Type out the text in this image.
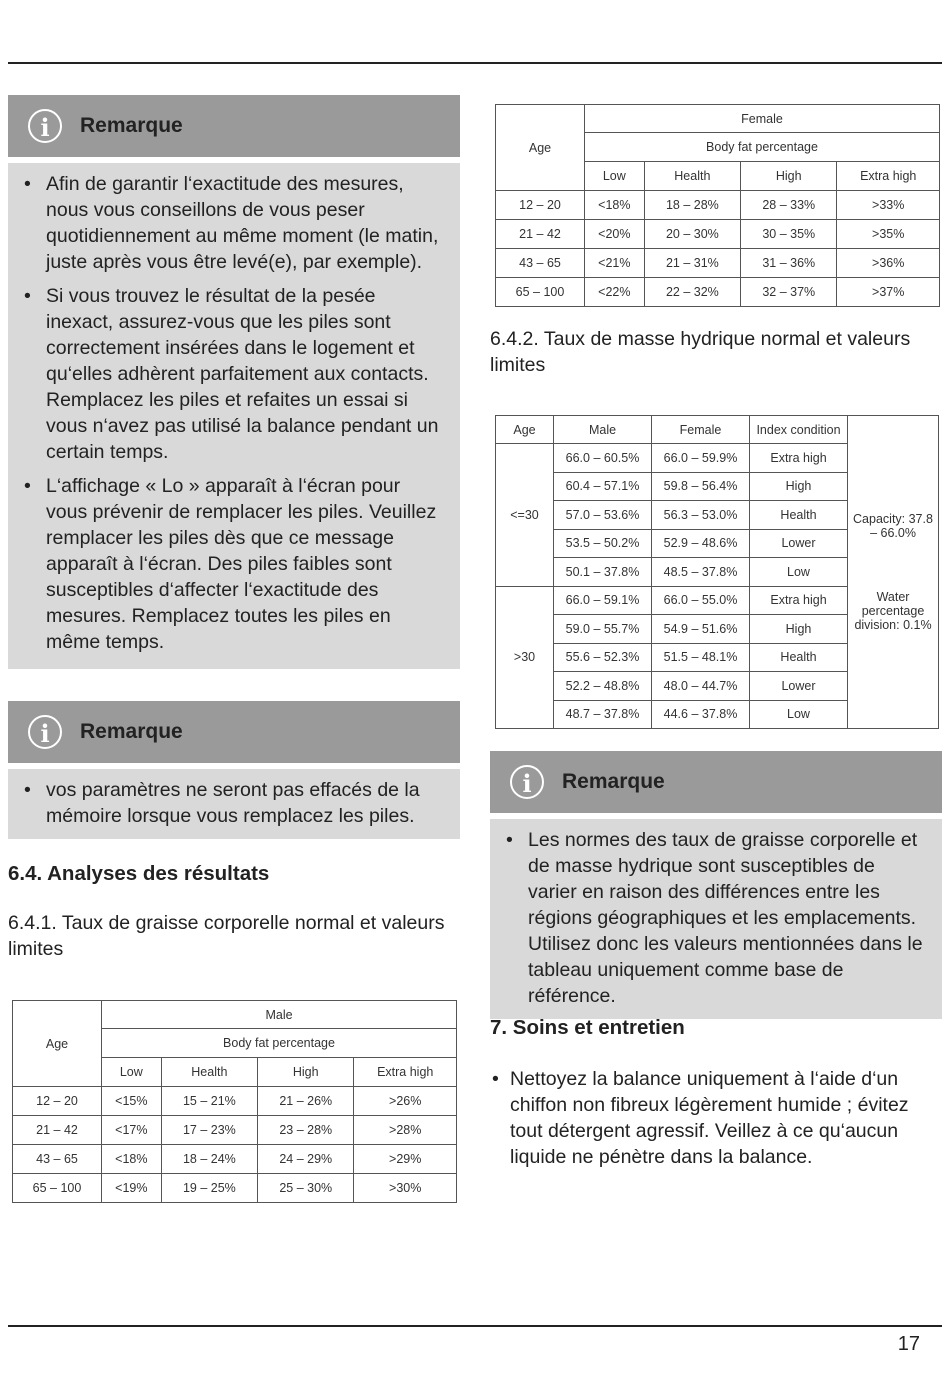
i	Remarque
• Afin de garantir l‘exactitude des mesures, nous vous conseillons de vous peser quotidiennement au même moment (le matin, juste après vous être levé(e), par exemple).
• Si vous trouvez le résultat de la pesée inexact, assurez-vous que les piles sont correctement insérées dans le logement et qu‘elles adhèrent parfaitement aux contacts. Remplacez les piles et refaites un essai si vous n‘avez pas utilisé la balance pendant un certain temps.
• L‘affichage « Lo » apparaît à l‘écran pour vous prévenir de remplacer les piles. Veuillez remplacer les piles dès que ce message apparaît à l‘écran. Des piles faibles sont susceptibles d‘affecter l‘exactitude des mesures. Remplacez toutes les piles en même temps.
i	Remarque
• vos paramètres ne seront pas effacés de la mémoire lorsque vous remplacez les piles.
6.4. Analyses des résultats
6.4.1. Taux de graisse corporelle normal et valeurs limites
Age	Male			
	Body fat percentage			
	Low	Health	High	Extra high
12 – 20	<15%	15 – 21%	21 – 26%	>26%
21 – 42	<17%	17 – 23%	23 – 28%	>28%
43 – 65	<18%	18 – 24%	24 – 29%	>29%
65 – 100	<19%	19 – 25%	25 – 30%	>30%
Age	Female			
	Body fat percentage			
	Low	Health	High	Extra high
12 – 20	<18%	18 – 28%	28 – 33%	>33%
21 – 42	<20%	20 – 30%	30 – 35%	>35%
43 – 65	<21%	21 – 31%	31 – 36%	>36%
65 – 100	<22%	22 – 32%	32 – 37%	>37%
6.4.2. Taux de masse hydrique normal et valeurs limites
Age	Male	Female	Index condition	Capacity: 37.8 – 66.0%
Water percentage division: 0.1%

<=30	66.0 – 60.5%	66.0 – 59.9%	Extra high	
	60.4 – 57.1%	59.8 – 56.4%	High	
	57.0 – 53.6%	56.3 – 53.0%	Health	
	53.5 – 50.2%	52.9 – 48.6%	Lower	
	50.1 – 37.8%	48.5 – 37.8%	Low	
>30	66.0 – 59.1%	66.0 – 55.0%	Extra high	
	59.0 – 55.7%	54.9 – 51.6%	High	
	55.6 – 52.3%	51.5 – 48.1%	Health	
	52.2 – 48.8%	48.0 – 44.7%	Lower	
	48.7 – 37.8%	44.6 – 37.8%	Low	
i	Remarque
• Les normes des taux de graisse corporelle et de masse hydrique sont susceptibles de varier en raison des différences entre les régions géographiques et les emplacements. Utilisez donc les valeurs mentionnées dans le tableau uniquement comme base de référence.
7. Soins et entretien
• Nettoyez la balance uniquement à l‘aide d‘un chiffon non fibreux légèrement humide ; évitez tout détergent agressif. Veillez à ce qu‘aucun liquide ne pénètre dans la balance.
17
